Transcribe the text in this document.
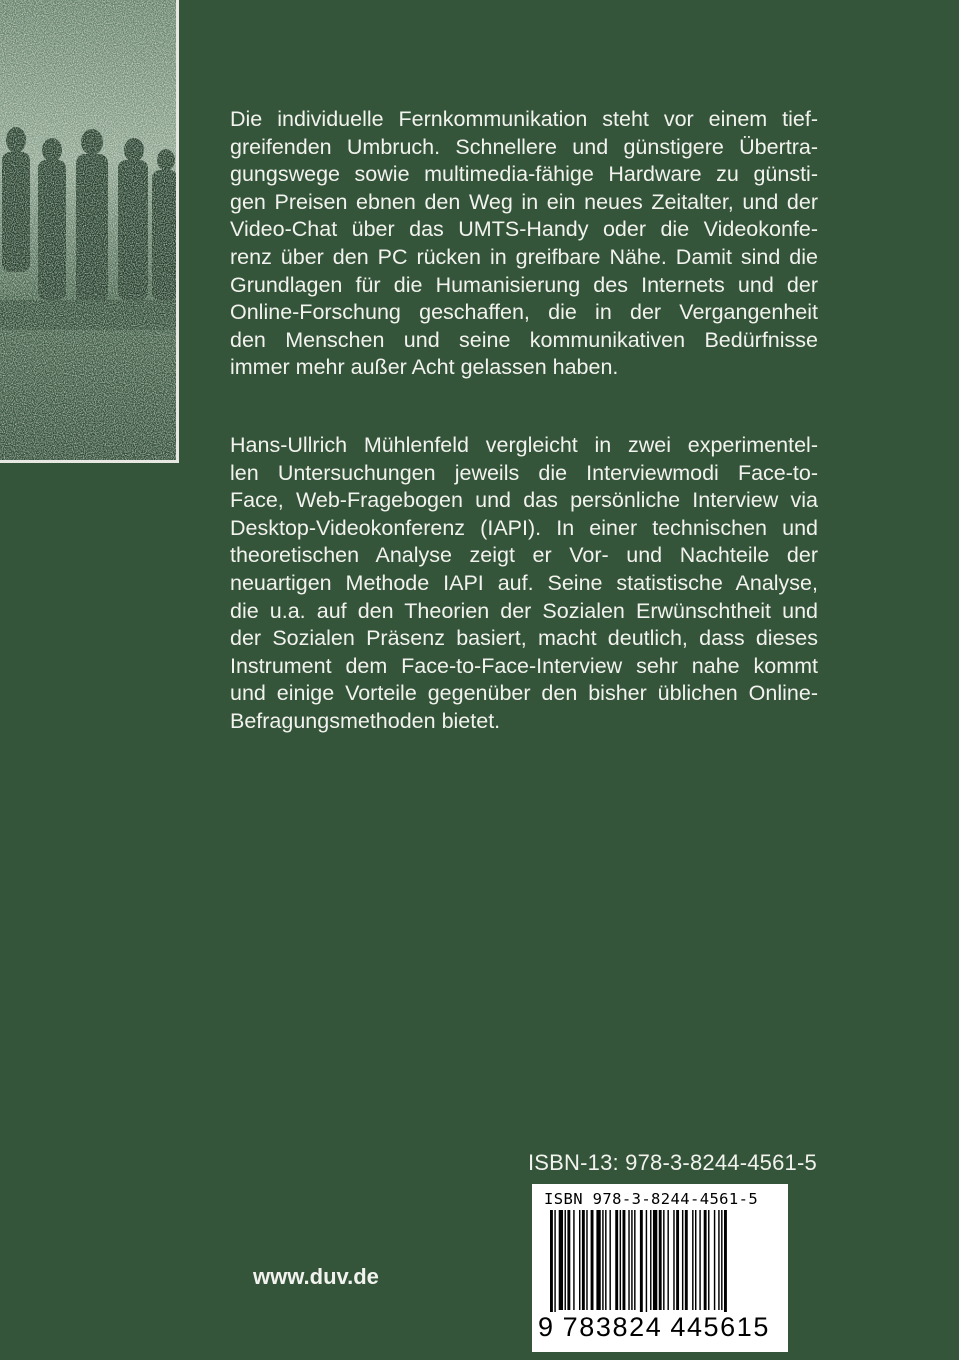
Die individuelle Fernkommunikation steht vor einem tief-
greifenden Umbruch. Schnellere und günstigere Übertra-
gungswege sowie multimedia-fähige Hardware zu günsti-
gen Preisen ebnen den Weg in ein neues Zeitalter, und der
Video-Chat über das UMTS-Handy oder die Videokonfe-
renz über den PC rücken in greifbare Nähe. Damit sind die
Grundlagen für die Humanisierung des Internets und der
Online-Forschung geschaffen, die in der Vergangenheit
den Menschen und seine kommunikativen Bedürfnisse
immer mehr außer Acht gelassen haben.
Hans-Ullrich Mühlenfeld vergleicht in zwei experimentel-
len Untersuchungen jeweils die Interviewmodi Face-to-
Face, Web-Fragebogen und das persönliche Interview via
Desktop-Videokonferenz (IAPI). In einer technischen und
theoretischen Analyse zeigt er Vor- und Nachteile der
neuartigen Methode IAPI auf. Seine statistische Analyse,
die u.a. auf den Theorien der Sozialen Erwünschtheit und
der Sozialen Präsenz basiert, macht deutlich, dass dieses
Instrument dem Face-to-Face-Interview sehr nahe kommt
und einige Vorteile gegenüber den bisher üblichen Online-
Befragungsmethoden bietet.
ISBN-13: 978-3-8244-4561-5
ISBN 978-3-8244-4561-5
9 783824 445615
www.duv.de
